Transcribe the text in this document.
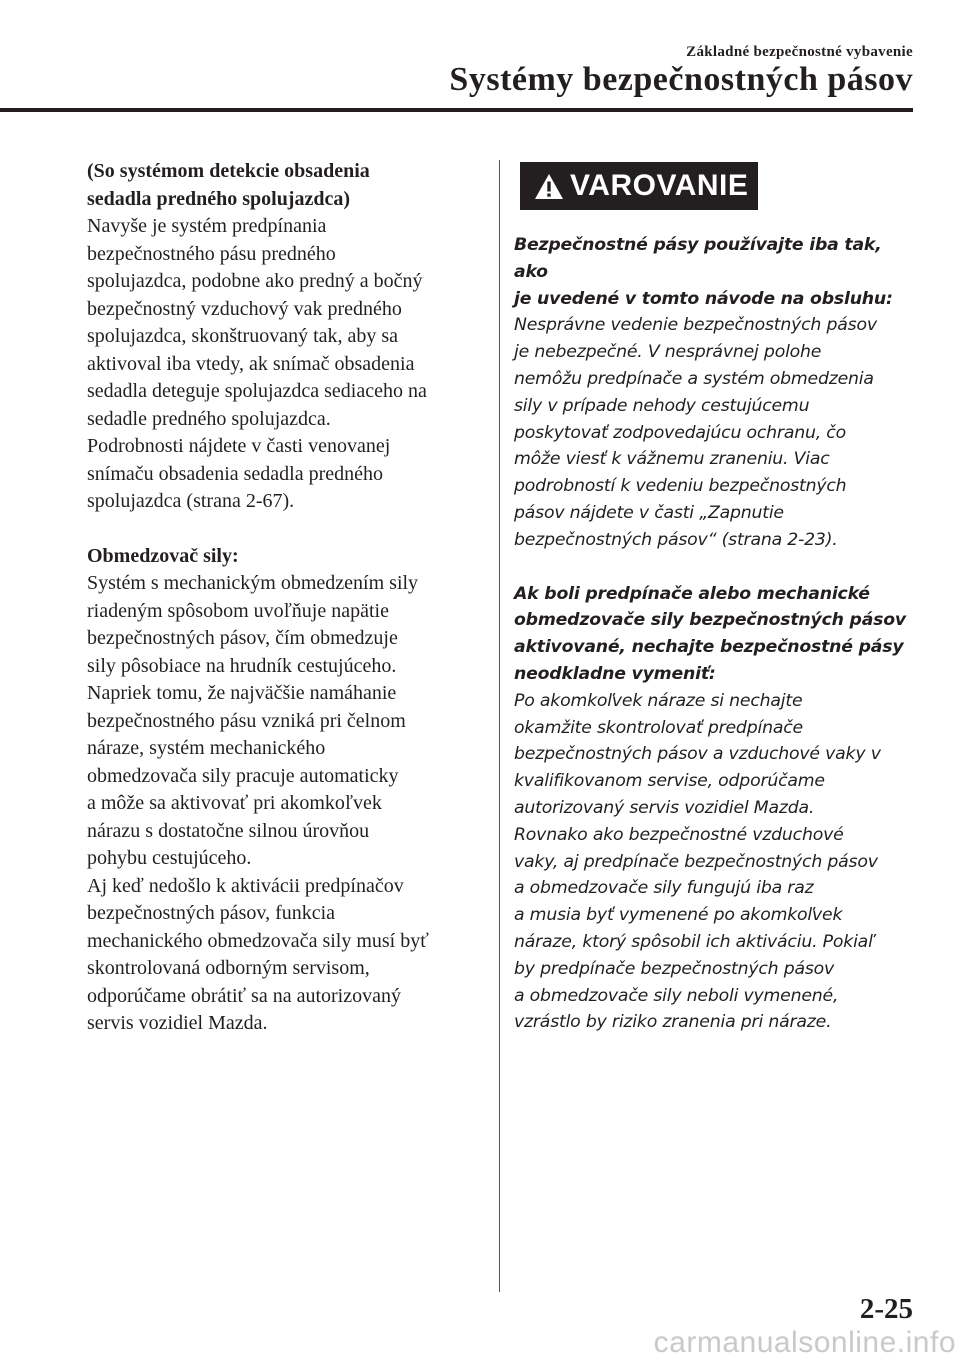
Základné bezpečnostné vybavenie
Systémy bezpečnostných pásov

(So systémom detekcie obsadenia
sedadla predného spolujazdca)

Navyše je systém predpínania
bezpečnostného pásu predného
spolujazdca, podobne ako predný a bočný
bezpečnostný vzduchový vak predného
spolujazdca, skonštruovaný tak, aby sa
aktivoval iba vtedy, ak snímač obsadenia
sedadla deteguje spolujazdca sediaceho na
sedadle predného spolujazdca.
Podrobnosti nájdete v časti venovanej
snímaču obsadenia sedadla predného
spolujazdca (strana 2-67).

Obmedzovač sily:

Systém s mechanickým obmedzením sily
riadeným spôsobom uvoľňuje napätie
bezpečnostných pásov, čím obmedzuje
sily pôsobiace na hrudník cestujúceho.
Napriek tomu, že najväčšie namáhanie
bezpečnostného pásu vzniká pri čelnom
náraze, systém mechanického
obmedzovača sily pracuje automaticky
a môže sa aktivovať pri akomkoľvek
nárazu s dostatočne silnou úrovňou
pohybu cestujúceho.
Aj keď nedošlo k aktivácii predpínačov
bezpečnostných pásov, funkcia
mechanického obmedzovača sily musí byť
skontrolovaná odborným servisom,
odporúčame obrátiť sa na autorizovaný
servis vozidiel Mazda.

VAROVANIE

Bezpečnostné pásy používajte iba tak, ako
je uvedené v tomto návode na obsluhu:

Nesprávne vedenie bezpečnostných pásov
je nebezpečné. V nesprávnej polohe
nemôžu predpínače a systém obmedzenia
sily v prípade nehody cestujúcemu
poskytovať zodpovedajúcu ochranu, čo
môže viesť k vážnemu zraneniu. Viac
podrobností k vedeniu bezpečnostných
pásov nájdete v časti „Zapnutie
bezpečnostných pásov“ (strana 2-23).

Ak boli predpínače alebo mechanické
obmedzovače sily bezpečnostných pásov
aktivované, nechajte bezpečnostné pásy
neodkladne vymeniť:

Po akomkoľvek náraze si nechajte
okamžite skontrolovať predpínače
bezpečnostných pásov a vzduchové vaky v
kvalifikovanom servise, odporúčame
autorizovaný servis vozidiel Mazda.
Rovnako ako bezpečnostné vzduchové
vaky, aj predpínače bezpečnostných pásov
a obmedzovače sily fungujú iba raz
a musia byť vymenené po akomkoľvek
náraze, ktorý spôsobil ich aktiváciu. Pokiaľ
by predpínače bezpečnostných pásov
a obmedzovače sily neboli vymenené,
vzrástlo by riziko zranenia pri náraze.

2-25
carmanualsonline.info
